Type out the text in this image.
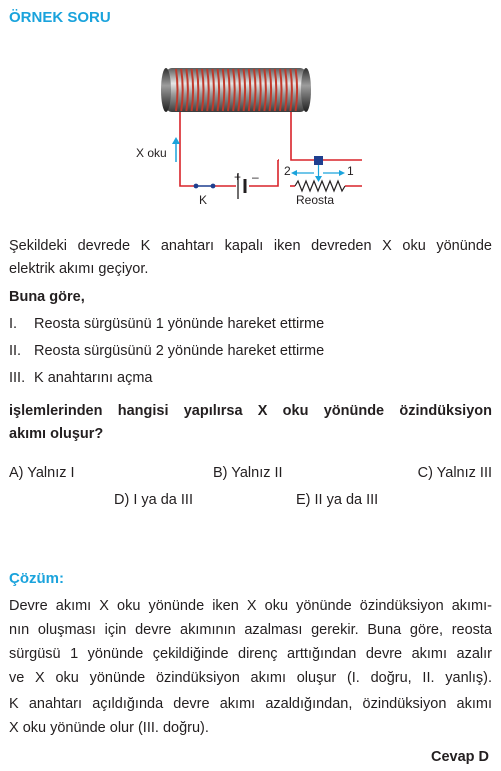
ÖRNEK SORU
X oku
K
+ – 2	1
Reosta
Şekildeki devrede K anahtarı kapalı iken devreden X oku yönünde
elektrik akımı geçiyor.
Buna göre,
I. Reosta sürgüsünü 1 yönünde hareket ettirme
II. Reosta sürgüsünü 2 yönünde hareket ettirme
III. K anahtarını açma
işlemlerinden hangisi yapılırsa X oku yönünde özindüksiyon
akımı oluşur?
A) Yalnız I	B) Yalnız II	C) Yalnız III
D) I ya da III	E) II ya da III
Çözüm:
Devre akımı X oku yönünde iken X oku yönünde özindüksiyon akımı-
nın oluşması için devre akımının azalması gerekir. Buna göre, reosta
sürgüsü 1 yönünde çekildiğinde direnç arttığından devre akımı azalır
ve X oku yönünde özindüksiyon akımı oluşur (I. doğru, II. yanlış).
K anahtarı açıldığında devre akımı azaldığından, özindüksiyon akımı
X oku yönünde olur (III. doğru).
Cevap D
